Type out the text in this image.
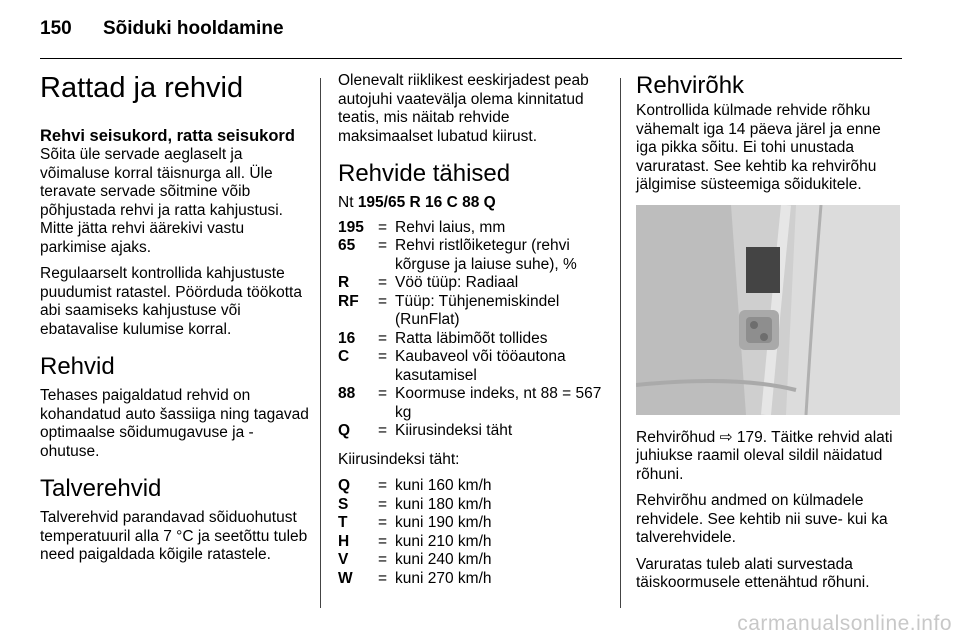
150 Sõiduki hooldamine
Rattad ja rehvid
Rehvi seisukord, ratta seisukord

Sõita üle servade aeglaselt ja võimaluse korral täisnurga all. Üle teravate servade sõitmine võib põhjustada rehvi ja ratta kahjustusi. Mitte jätta rehvi äärekivi vastu parkimise ajaks.

Regulaarselt kontrollida kahjustuste puudumist ratastel. Pöörduda töökotta abi saamiseks kahjustuse või ebatavalise kulumise korral.

Rehvid

Tehases paigaldatud rehvid on kohandatud auto šassiiga ning tagavad optimaalse sõidumugavuse ja -ohutuse.

Talverehvid

Talverehvid parandavad sõiduohutust temperatuuril alla 7 °C ja seetõttu tuleb need paigaldada kõigile ratastele.

Olenevalt riiklikest eeskirjadest peab autojuhi vaatevälja olema kinnitatud teatis, mis näitab rehvide maksimaalset lubatud kiirust.

Rehvide tähised
Nt 195/65 R 16 C 88 Q
195 = Rehvi laius, mm
65	= Rehvi ristlõiketegur (rehvi kõrguse ja laiuse suhe), %
R	= Vöö tüüp: Radiaal
RF	= Tüüp: Tühjenemiskindel (RunFlat)
16	= Ratta läbimõõt tollides
C	= Kaubaveol või tööautona kasutamisel
88	= Koormuse indeks, nt 88 = 567 kg
Q	= Kiirusindeksi täht

Kiirusindeksi täht:

Q	= kuni 160 km/h
S	= kuni 180 km/h
T	= kuni 190 km/h
H	= kuni 210 km/h
V	= kuni 240 km/h
W	= kuni 270 km/h
Rehvirõhk

Kontrollida külmade rehvide rõhku vähemalt iga 14 päeva järel ja enne iga pikka sõitu. Ei tohi unustada varuratast. See kehtib ka rehvirõhu jälgimise süsteemiga sõidukitele.

Rehvirõhud ⇨ 179. Täitke rehvid alati juhiukse raamil oleval sildil näidatud rõhuni.

Rehvirõhu andmed on külmadele rehvidele. See kehtib nii suve- kui ka talverehvidele.

Varuratas tuleb alati survestada täiskoormusele ettenähtud rõhuni.

carmanualsonline.info
